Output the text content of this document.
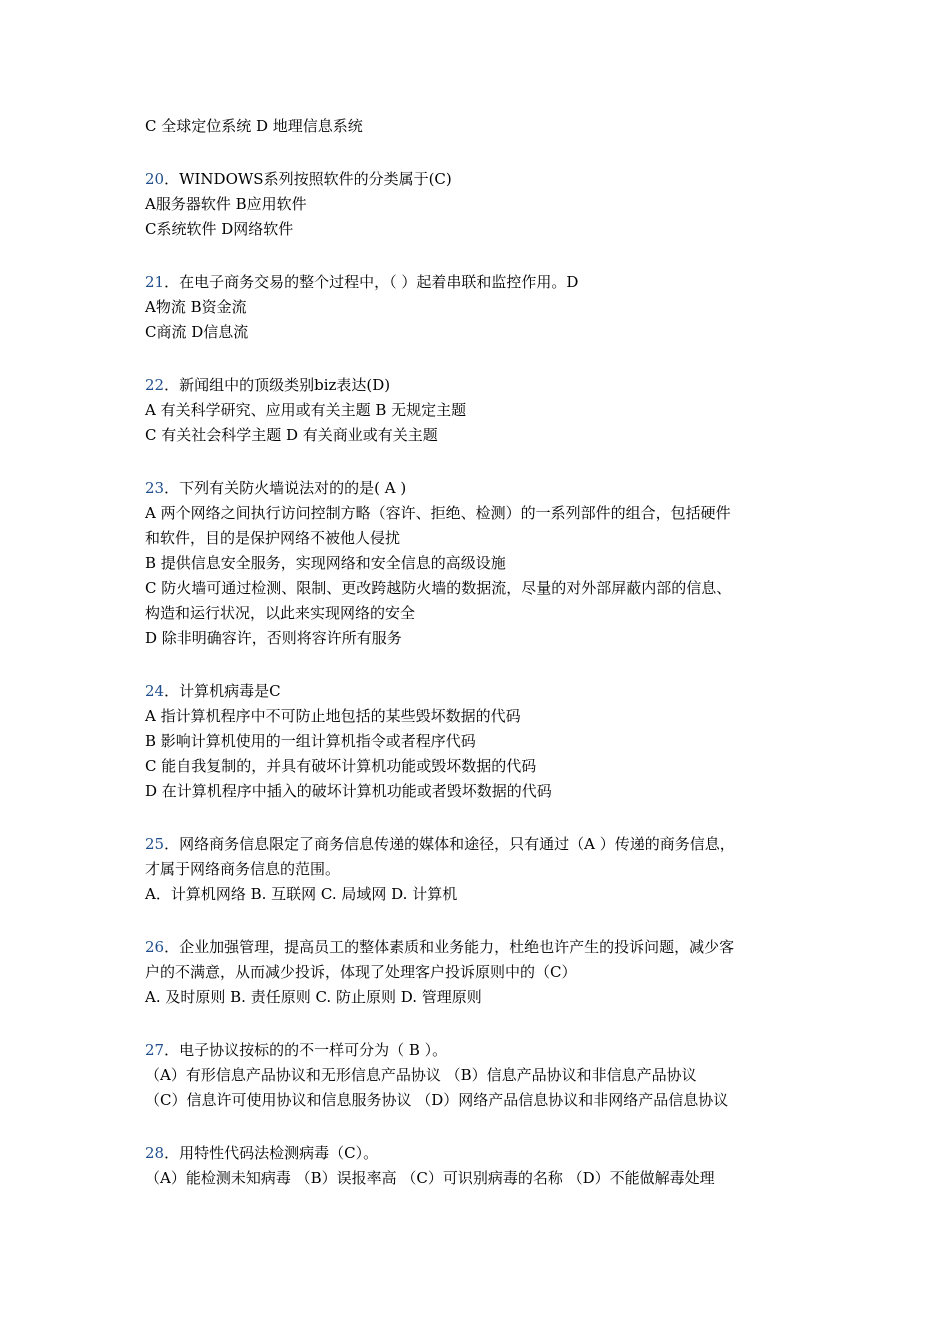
C 全球定位系统 D 地理信息系统
20．WINDOWS系列按照软件的分类属于(C)
A服务器软件 B应用软件
C系统软件 D网络软件
21．在电子商务交易的整个过程中，（ ）起着串联和监控作用。D
A物流 B资金流
C商流 D信息流
22．新闻组中的顶级类别biz表达(D)
A 有关科学研究、应用或有关主题 B 无规定主题
C 有关社会科学主题 D 有关商业或有关主题
23．下列有关防火墙说法对的的是( A )
A 两个网络之间执行访问控制方略（容许、拒绝、检测）的一系列部件的组合，包括硬件
和软件，目的是保护网络不被他人侵扰
B 提供信息安全服务，实现网络和安全信息的高级设施
C 防火墙可通过检测、限制、更改跨越防火墙的数据流，尽量的对外部屏蔽内部的信息、
构造和运行状况，以此来实现网络的安全
D 除非明确容许，否则将容许所有服务
24．计算机病毒是C
A 指计算机程序中不可防止地包括的某些毁坏数据的代码
B 影响计算机使用的一组计算机指令或者程序代码
C 能自我复制的，并具有破坏计算机功能或毁坏数据的代码
D 在计算机程序中插入的破坏计算机功能或者毁坏数据的代码
25．网络商务信息限定了商务信息传递的媒体和途径，只有通过（A ）传递的商务信息，
才属于网络商务信息的范围。
A．计算机网络 B. 互联网 C. 局域网 D. 计算机
26．企业加强管理，提高员工的整体素质和业务能力，杜绝也许产生的投诉问题，减少客
户的不满意，从而减少投诉，体现了处理客户投诉原则中的（C）
A. 及时原则 B. 责任原则 C. 防止原则 D. 管理原则
27．电子协议按标的的不一样可分为（ B ）。
（A）有形信息产品协议和无形信息产品协议 （B）信息产品协议和非信息产品协议
（C）信息许可使用协议和信息服务协议 （D）网络产品信息协议和非网络产品信息协议
28．用特性代码法检测病毒（C）。
（A）能检测未知病毒 （B）误报率高 （C）可识别病毒的名称 （D）不能做解毒处理
